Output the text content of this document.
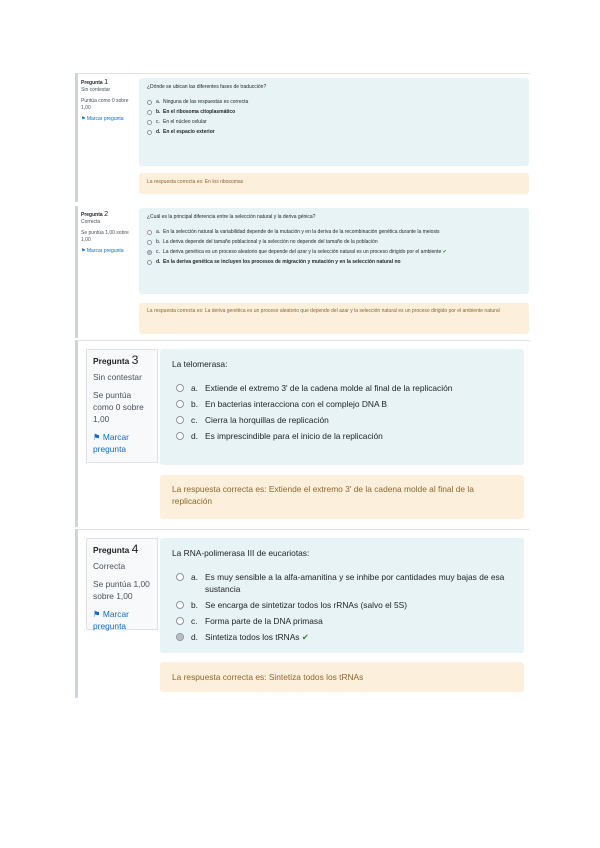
Pregunta 1
Sin contestar
Puntúa como 0 sobre 1,00
⚑ Marcar pregunta
¿Dónde se ubican las diferentes fases de traducción?
a. Ninguna de las respuestas es correcta
b. En el ribosoma citoplasmático
c. En el núcleo celular
d. En el espacio exterior
La respuesta correcta es: En los ribosomas
Pregunta 2
Correcta
Se puntúa 1,00 sobre 1,00
⚑ Marcar pregunta
¿Cuál es la principal diferencia entre la selección natural y la deriva génica?
a. En la selección natural la variabilidad depende de la mutación y en la deriva de la recombinación genética durante la meiosis
b. La deriva depende del tamaño poblacional y la selección no depende del tamaño de la población
c. La deriva genética es un proceso aleatorio que depende del azar y la selección natural es un proceso dirigido por el ambiente ✔
d. En la deriva genética se incluyen los procesos de migración y mutación y en la selección natural no
La respuesta correcta es: La deriva genética es un proceso aleatorio que depende del azar y la selección natural es un proceso dirigido por el ambiente natural
Pregunta 3
Sin contestar
Se puntúa como 0 sobre 1,00
⚑ Marcar pregunta
La telomerasa:
a. Extiende el extremo 3' de la cadena molde al final de la replicación
b. En bacterias interacciona con el complejo DNA B
c. Cierra la horquillas de replicación
d. Es imprescindible para el inicio de la replicación
La respuesta correcta es: Extiende el extremo 3' de la cadena molde al final de la replicación
Pregunta 4
Correcta
Se puntúa 1,00 sobre 1,00
⚑ Marcar pregunta
La RNA-polimerasa III de eucariotas:
a. Es muy sensible a la alfa-amanitina y se inhibe por cantidades muy bajas de esa sustancia
b. Se encarga de sintetizar todos los rRNAs (salvo el 5S)
c. Forma parte de la DNA primasa
d. Sintetiza todos los tRNAs ✔
La respuesta correcta es: Sintetiza todos los tRNAs
